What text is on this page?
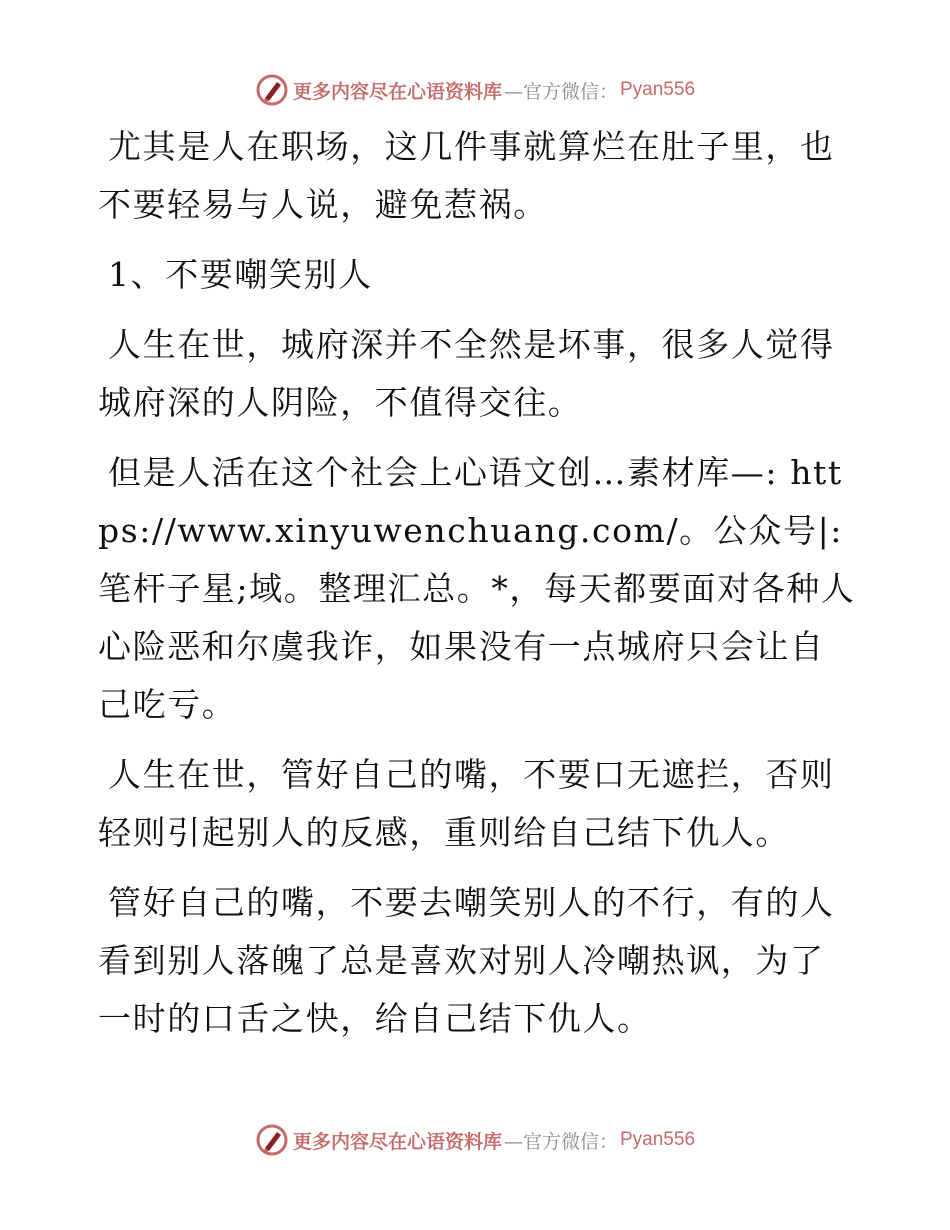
更多内容尽在心语资料库 —官方微信： Pyan556

尤其是人在职场，这几件事就算烂在肚子里，也不要轻易与人说，避免惹祸。

1、不要嘲笑别人

人生在世，城府深并不全然是坏事，很多人觉得城府深的人阴险，不值得交往。

但是人活在这个社会上心语文创…素材库—: https://www.xinyuwenchuang.com/。公众号|: 笔杆子星;域。整理汇总。*，每天都要面对各种人心险恶和尔虞我诈，如果没有一点城府只会让自己吃亏。

人生在世，管好自己的嘴，不要口无遮拦，否则轻则引起别人的反感，重则给自己结下仇人。

管好自己的嘴，不要去嘲笑别人的不行，有的人看到别人落魄了总是喜欢对别人冷嘲热讽，为了一时的口舌之快，给自己结下仇人。

更多内容尽在心语资料库 —官方微信： Pyan556
